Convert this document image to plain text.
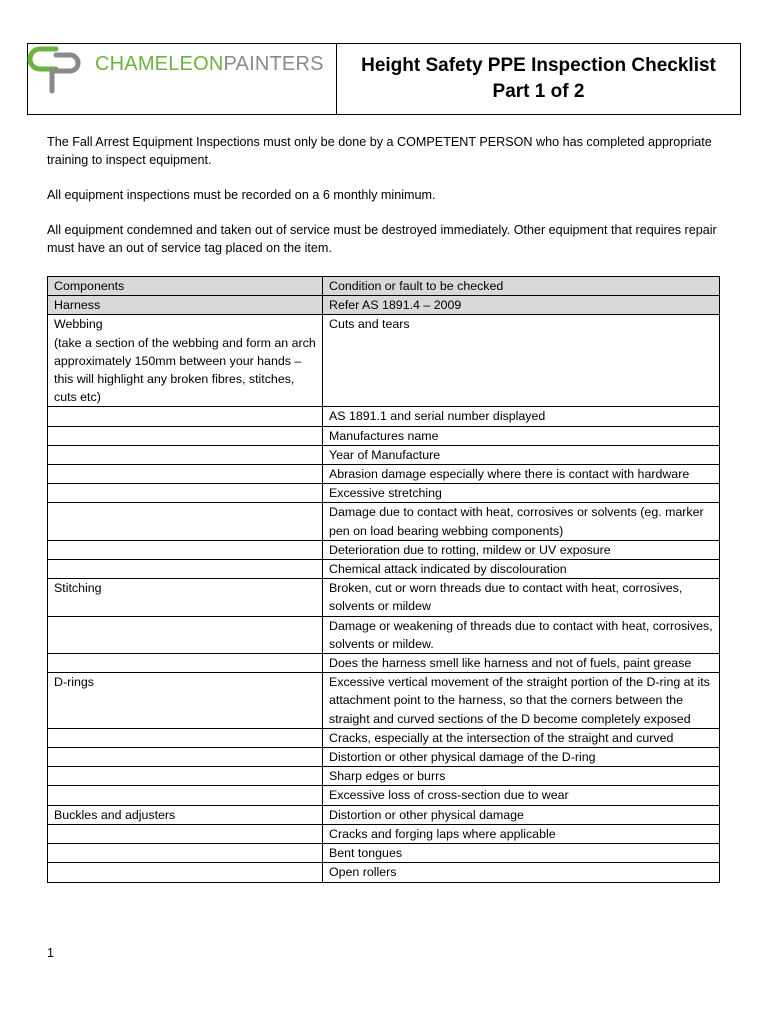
CHAMELEONPAINTERS	Height Safety PPE Inspection Checklist
Part 1 of 2

The Fall Arrest Equipment Inspections must only be done by a COMPETENT PERSON who has completed appropriate training to inspect equipment.

All equipment inspections must be recorded on a 6 monthly minimum.

All equipment condemned and taken out of service must be destroyed immediately. Other equipment that requires repair must have an out of service tag placed on the item.

Components	Condition or fault to be checked
Harness	Refer AS 1891.4 – 2009
Webbing
(take a section of the webbing and form an arch approximately 150mm between your hands – this will highlight any broken fibres, stitches, cuts etc)	Cuts and tears
	AS 1891.1 and serial number displayed
	Manufactures name
	Year of Manufacture
	Abrasion damage especially where there is contact with hardware
	Excessive stretching
	Damage due to contact with heat, corrosives or solvents (eg. marker pen on load bearing webbing components)
	Deterioration due to rotting, mildew or UV exposure
	Chemical attack indicated by discolouration
Stitching	Broken, cut or worn threads due to contact with heat, corrosives, solvents or mildew
	Damage or weakening of threads due to contact with heat, corrosives, solvents or mildew.
	Does the harness smell like harness and not of fuels, paint grease
D-rings	Excessive vertical movement of the straight portion of the D-ring at its attachment point to the harness, so that the corners between the straight and curved sections of the D become completely exposed
	Cracks, especially at the intersection of the straight and curved
	Distortion or other physical damage of the D-ring
	Sharp edges or burrs
	Excessive loss of cross-section due to wear
Buckles and adjusters	Distortion or other physical damage
	Cracks and forging laps where applicable
	Bent tongues
	Open rollers
1
